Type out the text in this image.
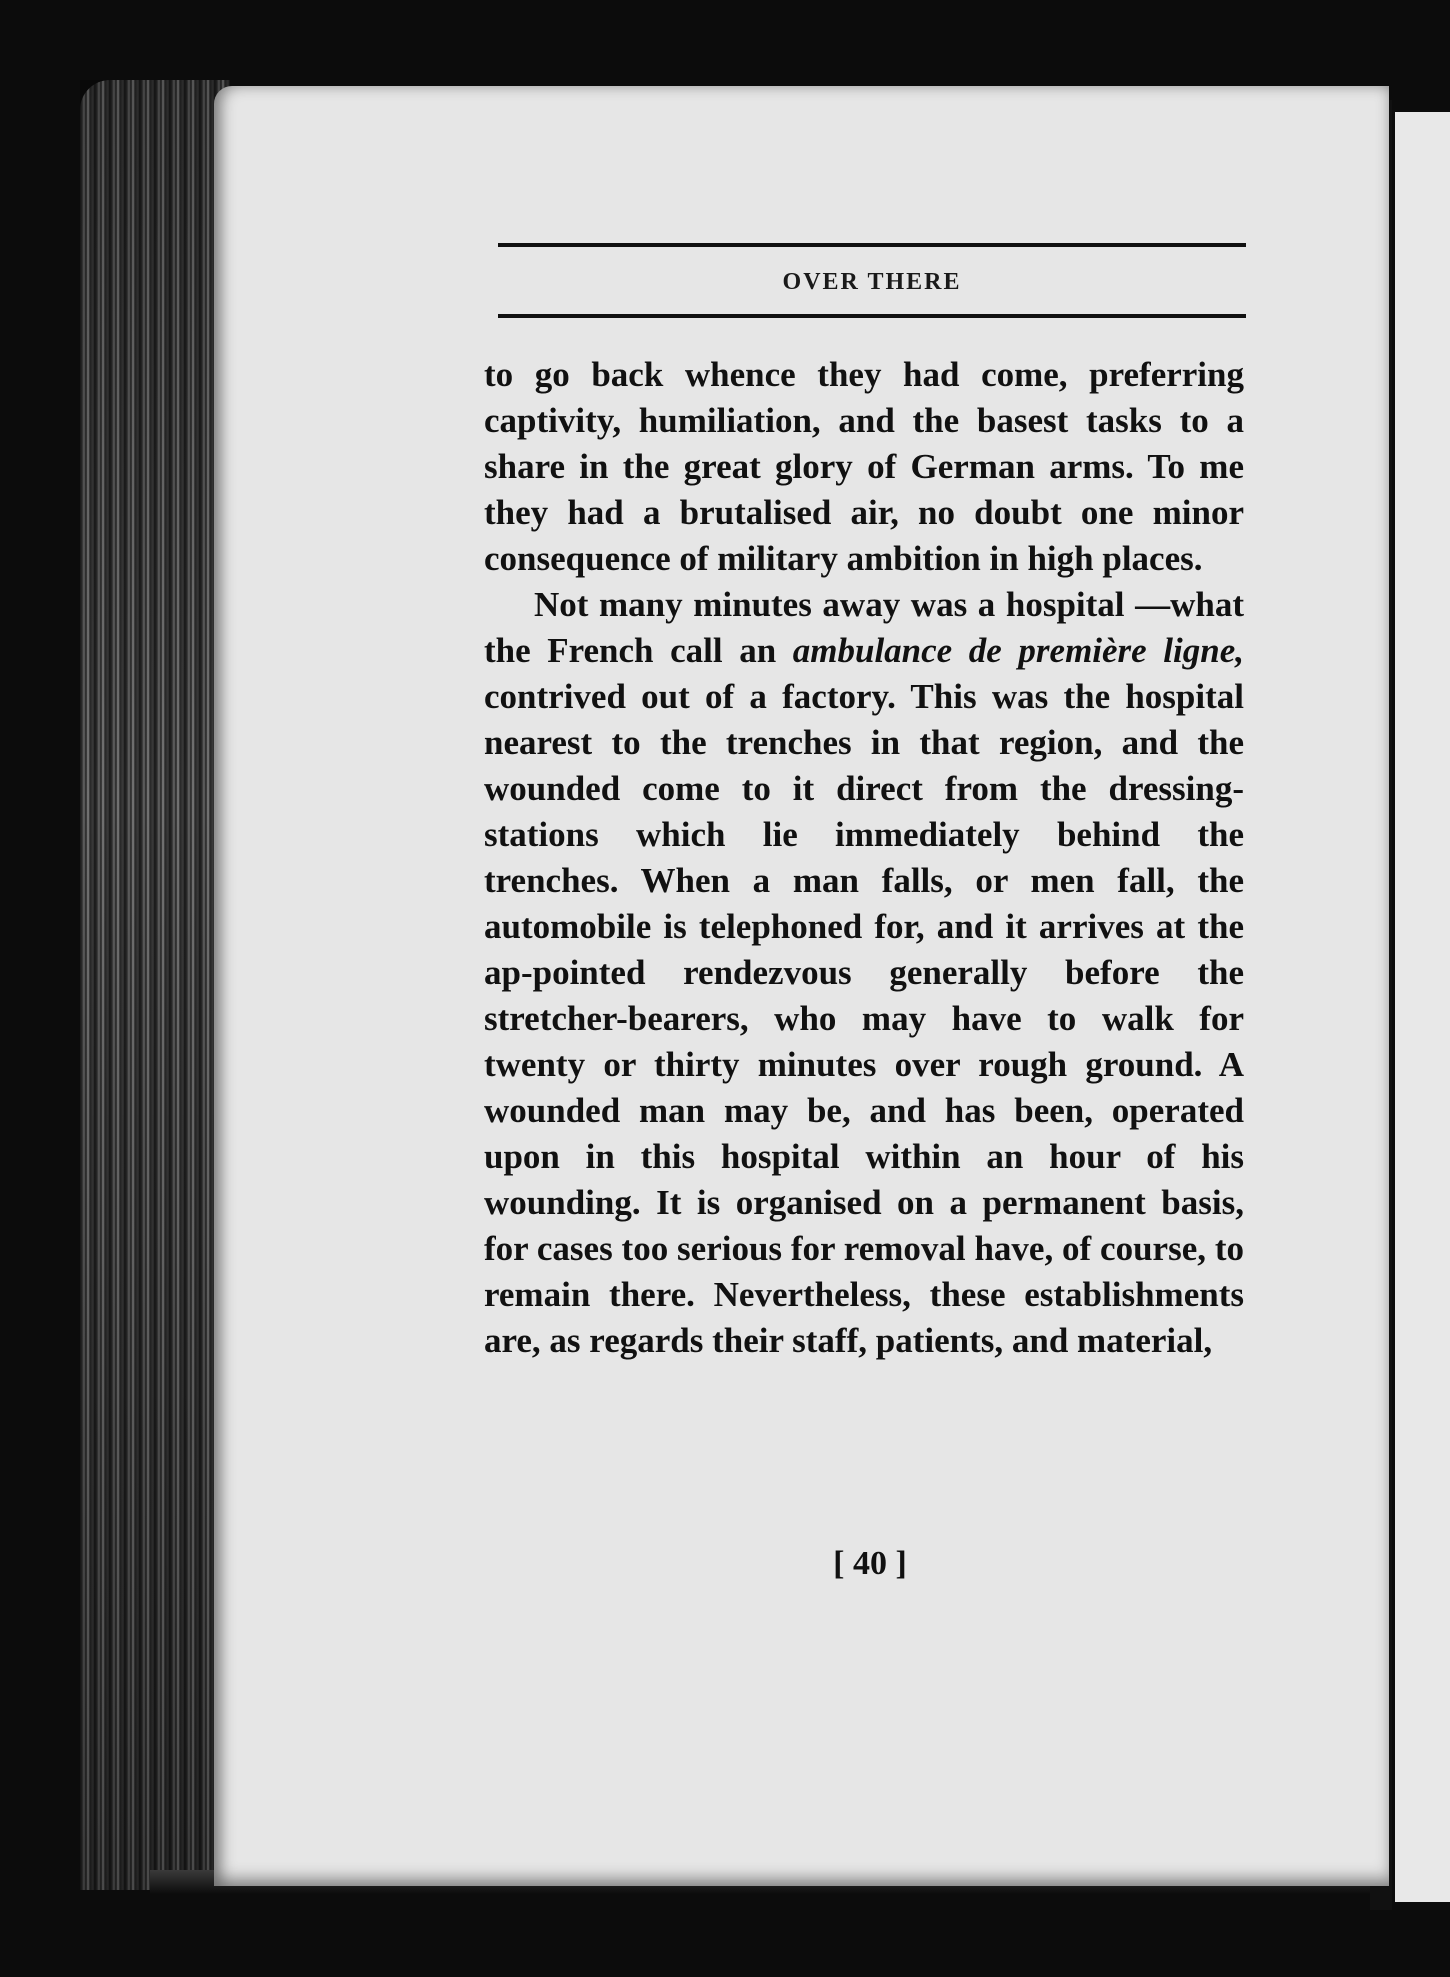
OVER THERE

to go back whence they had come, preferring captivity, humiliation, and the basest tasks to a share in the great glory of German arms. To me they had a brutalised air, no doubt one minor consequence of military ambition in high places.

Not many minutes away was a hospital —what the French call an ambulance de première ligne, contrived out of a factory. This was the hospital nearest to the trenches in that region, and the wounded come to it direct from the dressing-stations which lie immediately behind the trenches. When a man falls, or men fall, the automobile is telephoned for, and it arrives at the ap-pointed rendezvous generally before the stretcher-bearers, who may have to walk for twenty or thirty minutes over rough ground. A wounded man may be, and has been, operated upon in this hospital within an hour of his wounding. It is organised on a permanent basis, for cases too serious for removal have, of course, to remain there. Nevertheless, these establishments are, as regards their staff, patients, and material,

[ 40 ]
